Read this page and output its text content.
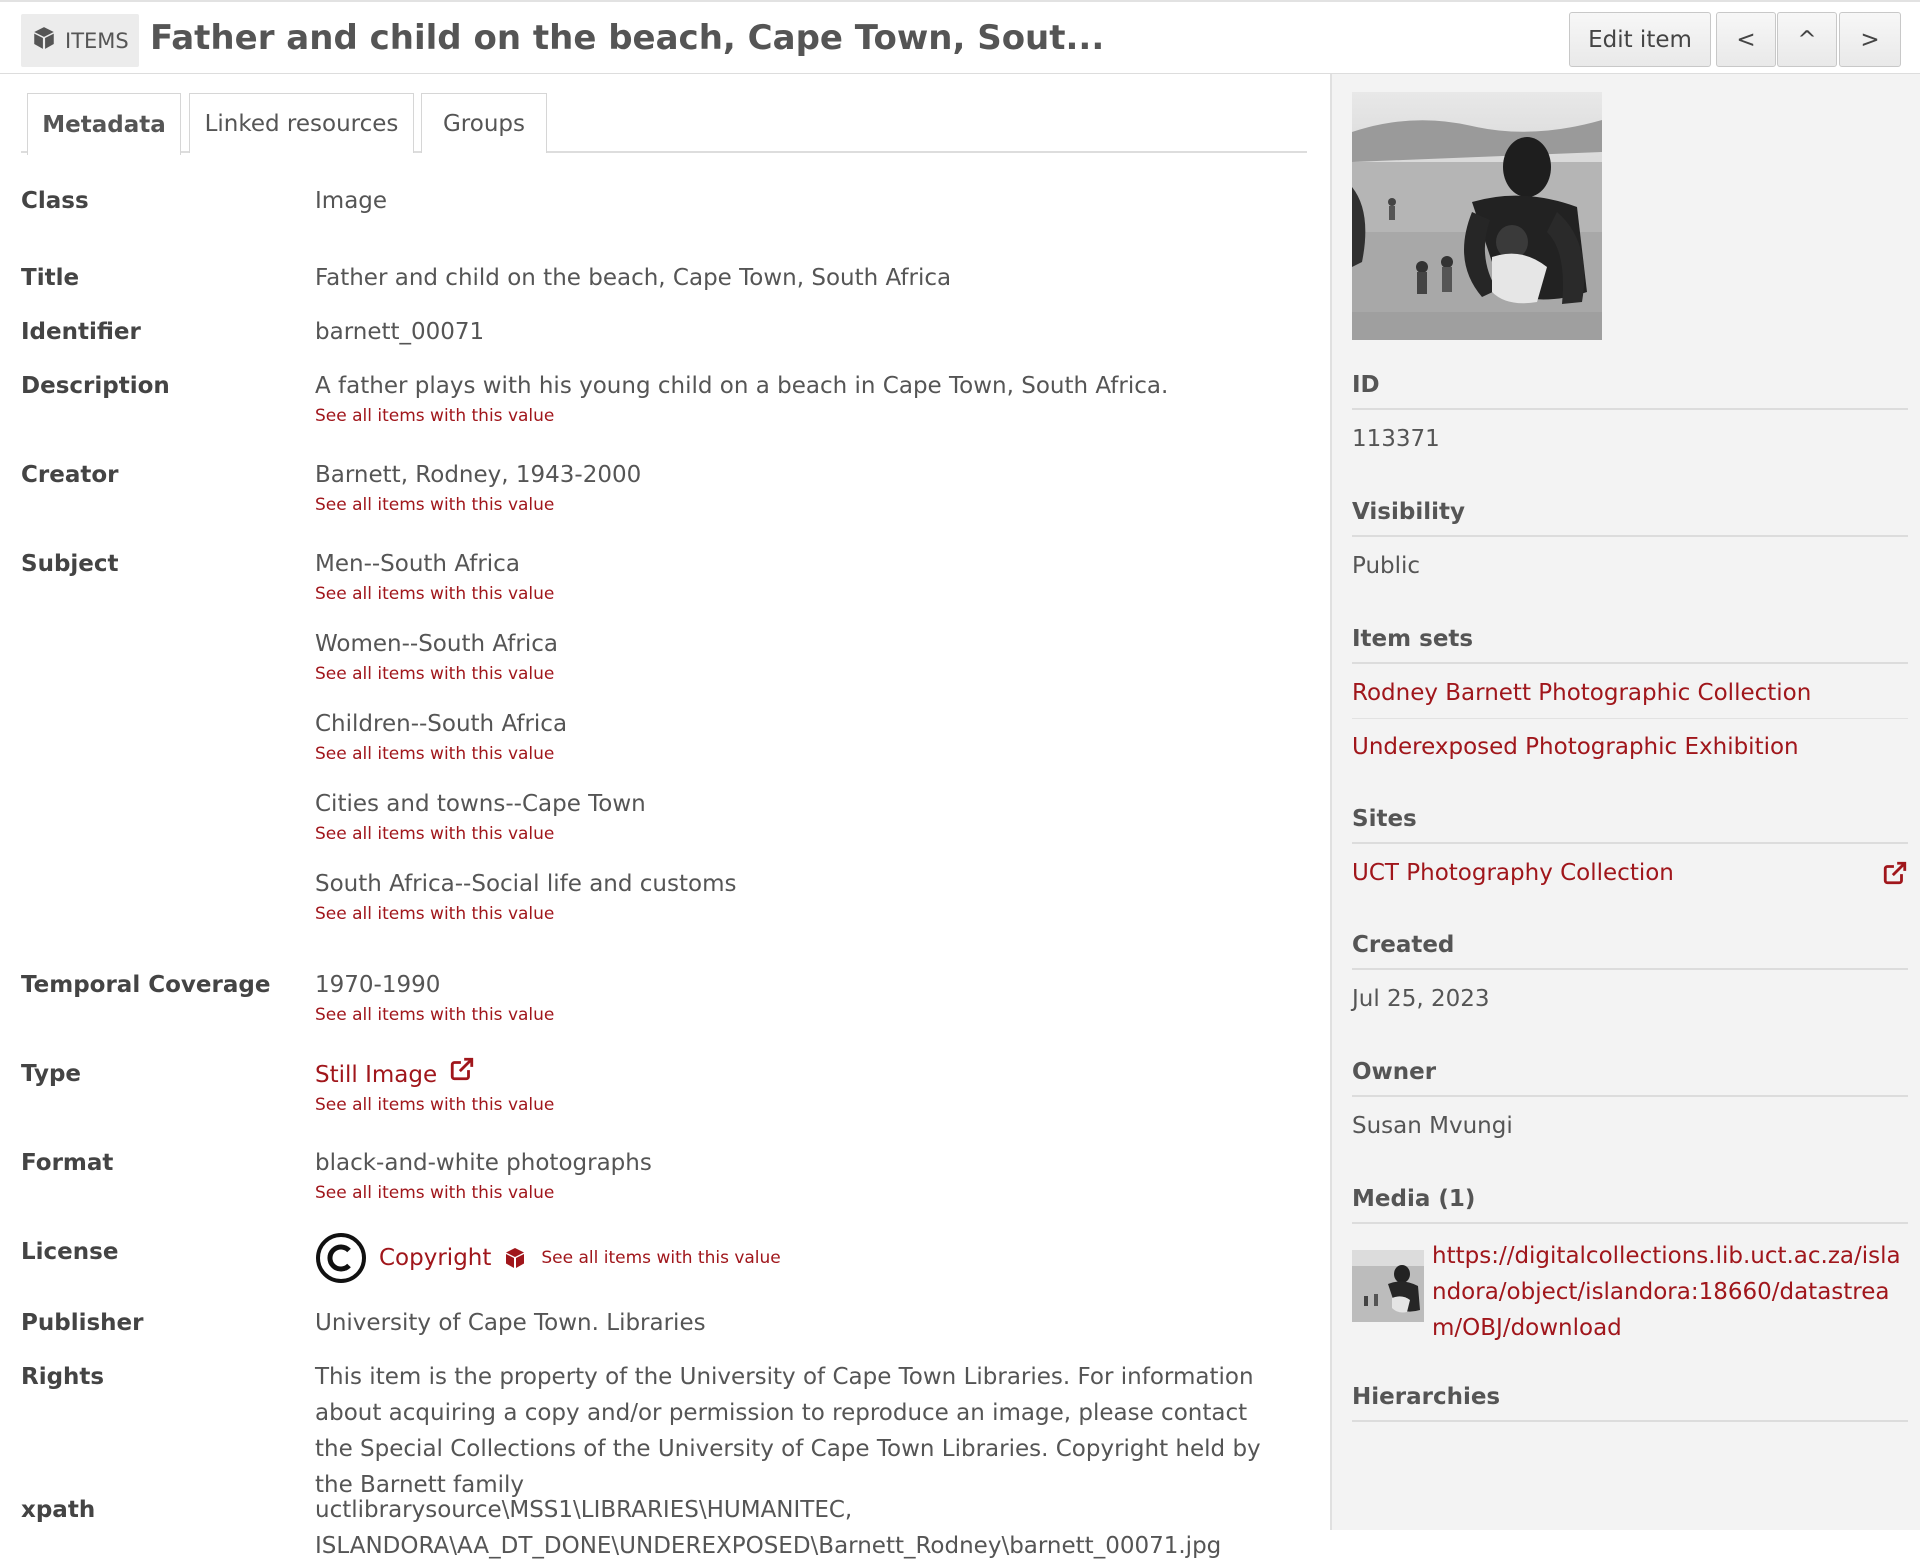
ITEMS Father and child on the beach, Cape Town, Sout...	Edit item	<	^	>
Metadata	Linked resources	Groups
Class	Image
Title	Father and child on the beach, Cape Town, South Africa
Identifier	barnett_00071
Description	A father plays with his young child on a beach in Cape Town, South Africa.
See all items with this value
Creator	Barnett, Rodney, 1943-2000
See all items with this value
Subject	Men--South Africa
See all items with this value
Women--South Africa
See all items with this value
Children--South Africa
See all items with this value
Cities and towns--Cape Town
See all items with this value
South Africa--Social life and customs
See all items with this value
Temporal Coverage 1970-1990
See all items with this value
Type	Still Image
See all items with this value
Format	black-and-white photographs
See all items with this value
License	Copyright	See all items with this value
Publisher	University of Cape Town. Libraries
Rights	This item is the property of the University of Cape Town Libraries. For information about acquiring a copy and/or permission to reproduce an image, please contact the Special Collections of the University of Cape Town Libraries. Copyright held by the Barnett family
xpath	uctlibrarysource\MSS1\LIBRARIES\HUMANITEC,
ISLANDORA\AA_DT_DONE\UNDEREXPOSED\Barnett_Rodney\barnett_00071.jpg
ID
113371
Visibility
Public
Item sets
Rodney Barnett Photographic Collection
Underexposed Photographic Exhibition
Sites
UCT Photography Collection
Created
Jul 25, 2023
Owner
Susan Mvungi
Media (1)
https://digitalcollections.lib.uct.ac.za/islandora/object/islandora:18660/datastream/OBJ/download
Hierarchies
